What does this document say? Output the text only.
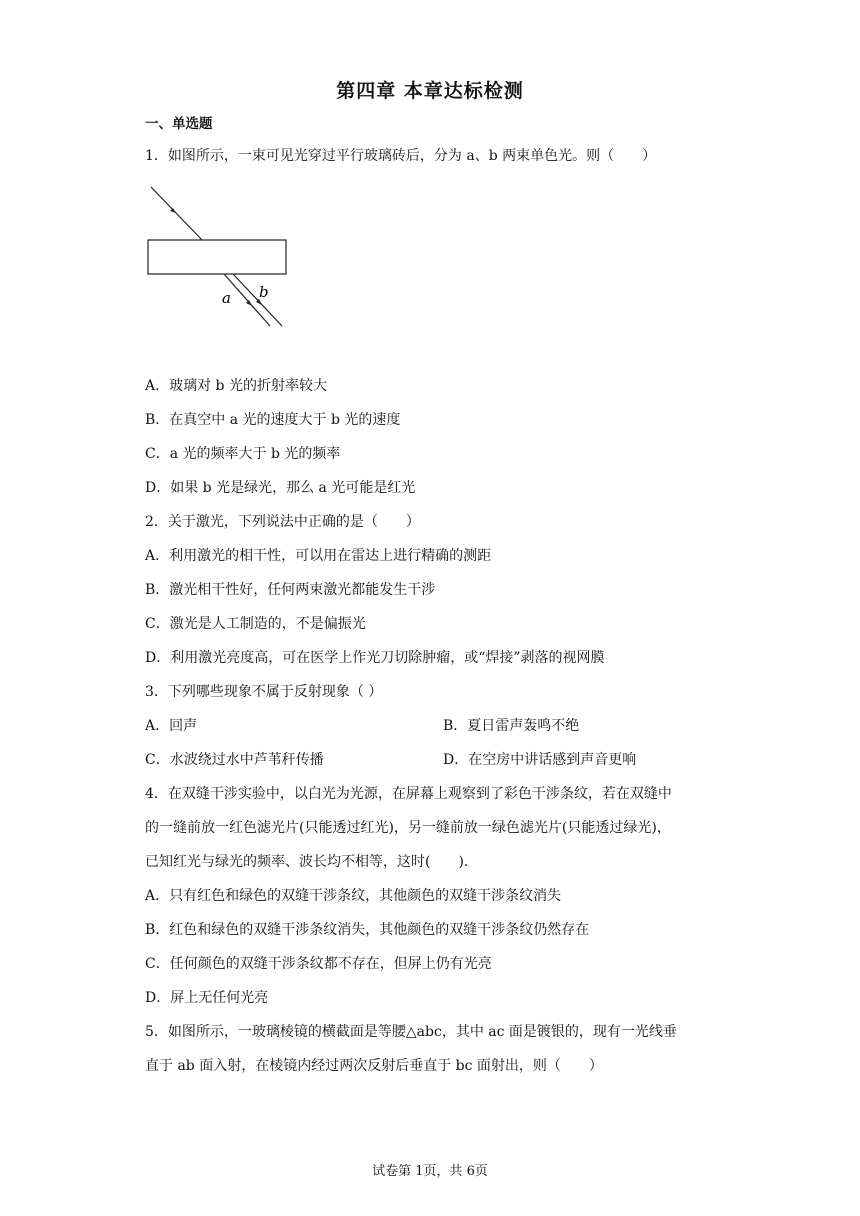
第四章 本章达标检测
一、单选题
1．如图所示，一束可见光穿过平行玻璃砖后，分为 a、b 两束单色光。则（　　）
a b
A．玻璃对 b 光的折射率较大
B．在真空中 a 光的速度大于 b 光的速度
C．a 光的频率大于 b 光的频率
D．如果 b 光是绿光，那么 a 光可能是红光
2．关于激光，下列说法中正确的是（　　）
A．利用激光的相干性，可以用在雷达上进行精确的测距
B．激光相干性好，任何两束激光都能发生干涉
C．激光是人工制造的，不是偏振光
D．利用激光亮度高，可在医学上作光刀切除肿瘤，或“焊接”剥落的视网膜
3．下列哪些现象不属于反射现象（ ）
A．回声	B．夏日雷声轰鸣不绝
C．水波绕过水中芦苇秆传播	D．在空房中讲话感到声音更响
4．在双缝干涉实验中，以白光为光源，在屏幕上观察到了彩色干涉条纹，若在双缝中
的一缝前放一红色滤光片(只能透过红光)，另一缝前放一绿色滤光片(只能透过绿光)，
已知红光与绿光的频率、波长均不相等，这时(　　).
A．只有红色和绿色的双缝干涉条纹，其他颜色的双缝干涉条纹消失
B．红色和绿色的双缝干涉条纹消失，其他颜色的双缝干涉条纹仍然存在
C．任何颜色的双缝干涉条纹都不存在，但屏上仍有光亮
D．屏上无任何光亮
5．如图所示，一玻璃棱镜的横截面是等腰△abc，其中 ac 面是镀银的，现有一光线垂
直于 ab 面入射，在棱镜内经过两次反射后垂直于 bc 面射出，则（　　）
试卷第 1页，共 6页
